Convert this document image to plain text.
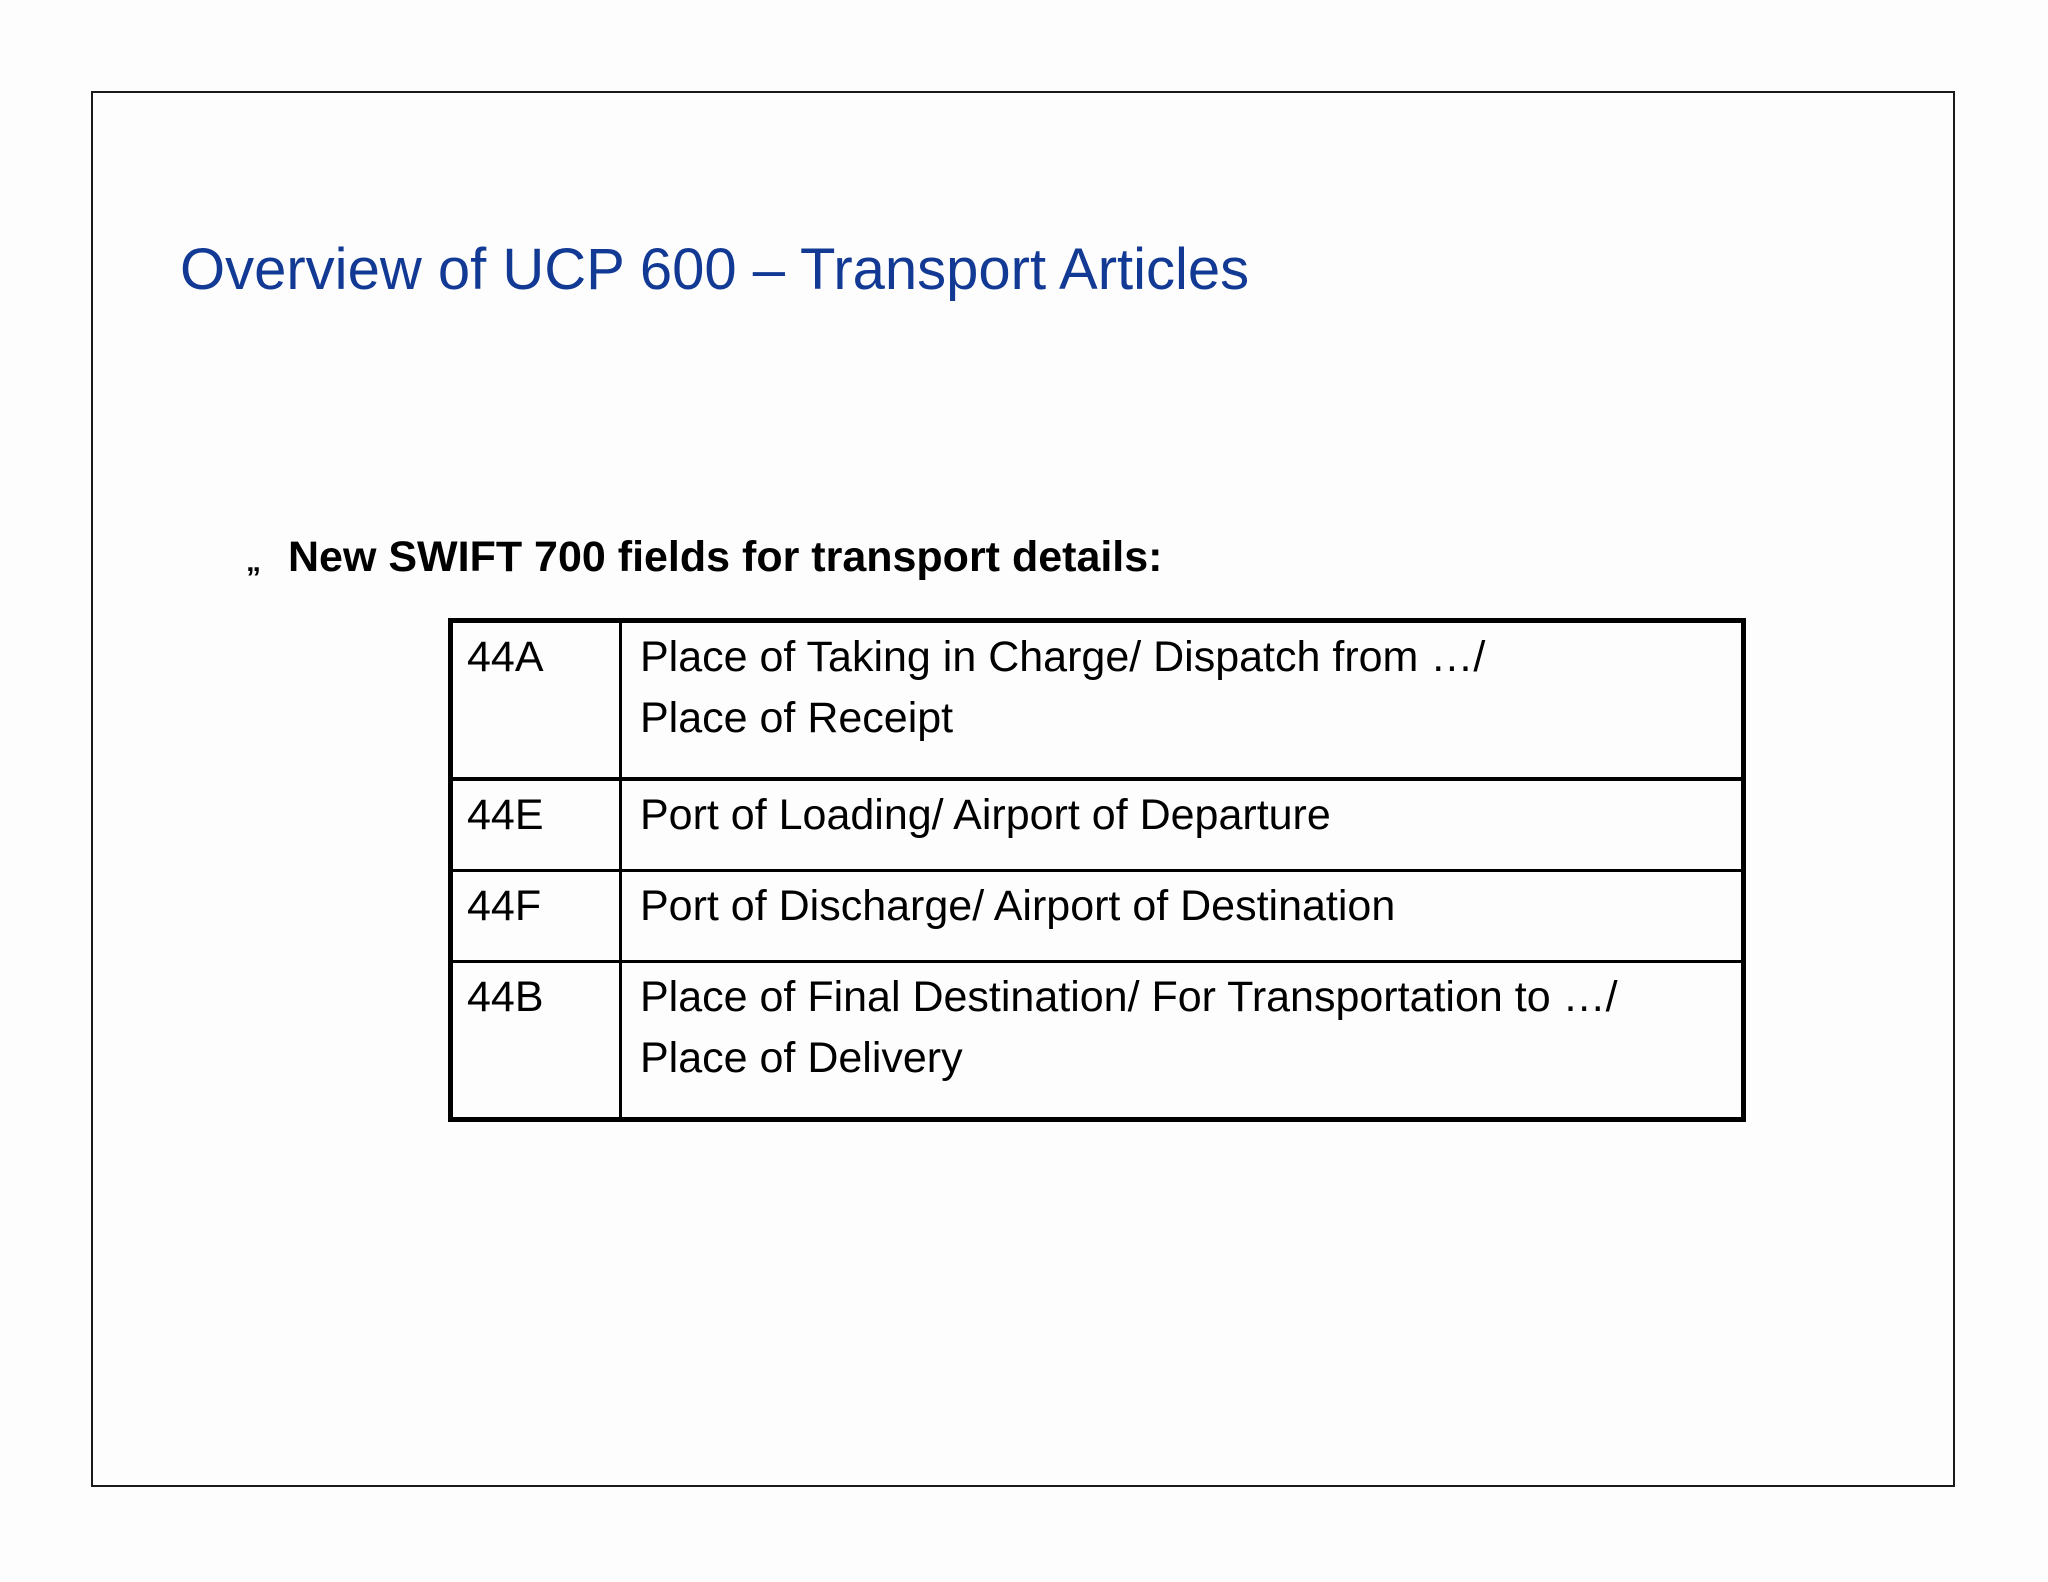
Overview of UCP 600 – Transport Articles
„ New SWIFT 700 fields for transport details:
44A	Place of Taking in Charge/ Dispatch from …/
Place of Receipt

44E	Port of Loading/ Airport of Departure

44F	Port of Discharge/ Airport of Destination

44B	Place of Final Destination/ For Transportation to …/
Place of Delivery
